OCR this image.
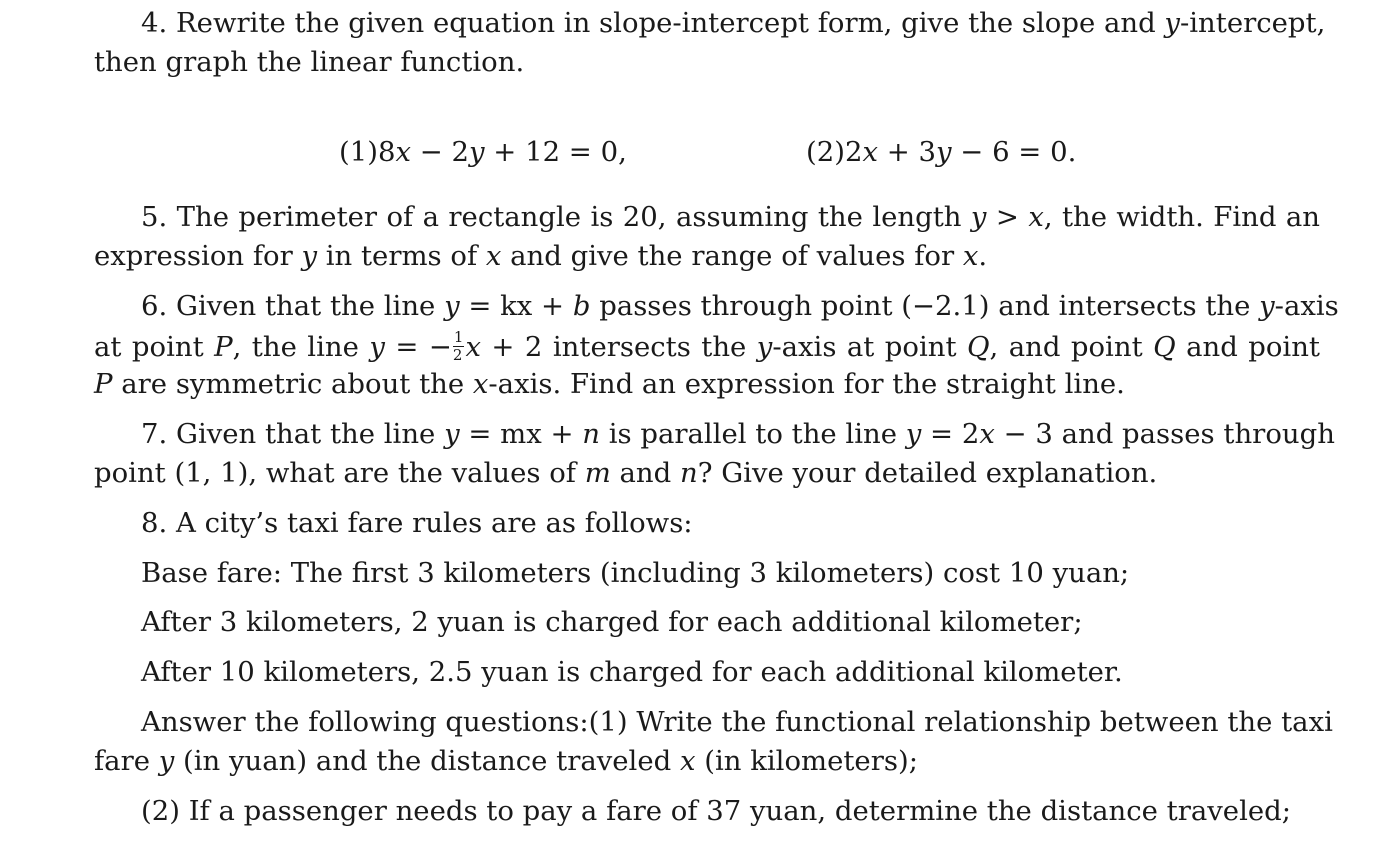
4. Rewrite the given equation in slope-intercept form, give the slope and y-intercept,
then graph the linear function.
(1)8x − 2y + 12 = 0,	(2)2x + 3y − 6 = 0.
5. The perimeter of a rectangle is 20, assuming the length y > x, the width. Find an
expression for y in terms of x and give the range of values for x.
6. Given that the line y = kx + b passes through point (−2.1) and intersects the y-axis
at point P, the line y = − $\frac{1}{2}$ x + 2 intersects the y-axis at point Q, and point Q and point
P are symmetric about the x-axis. Find an expression for the straight line.
7. Given that the line y = mx + n is parallel to the line y = 2x − 3 and passes through
point (1, 1), what are the values of m and n? Give your detailed explanation.
8. A city’s taxi fare rules are as follows:
Base fare: The first 3 kilometers (including 3 kilometers) cost 10 yuan;
After 3 kilometers, 2 yuan is charged for each additional kilometer;
After 10 kilometers, 2.5 yuan is charged for each additional kilometer.
Answer the following questions:(1) Write the functional relationship between the taxi
fare y (in yuan) and the distance traveled x (in kilometers);
(2) If a passenger needs to pay a fare of 37 yuan, determine the distance traveled;
